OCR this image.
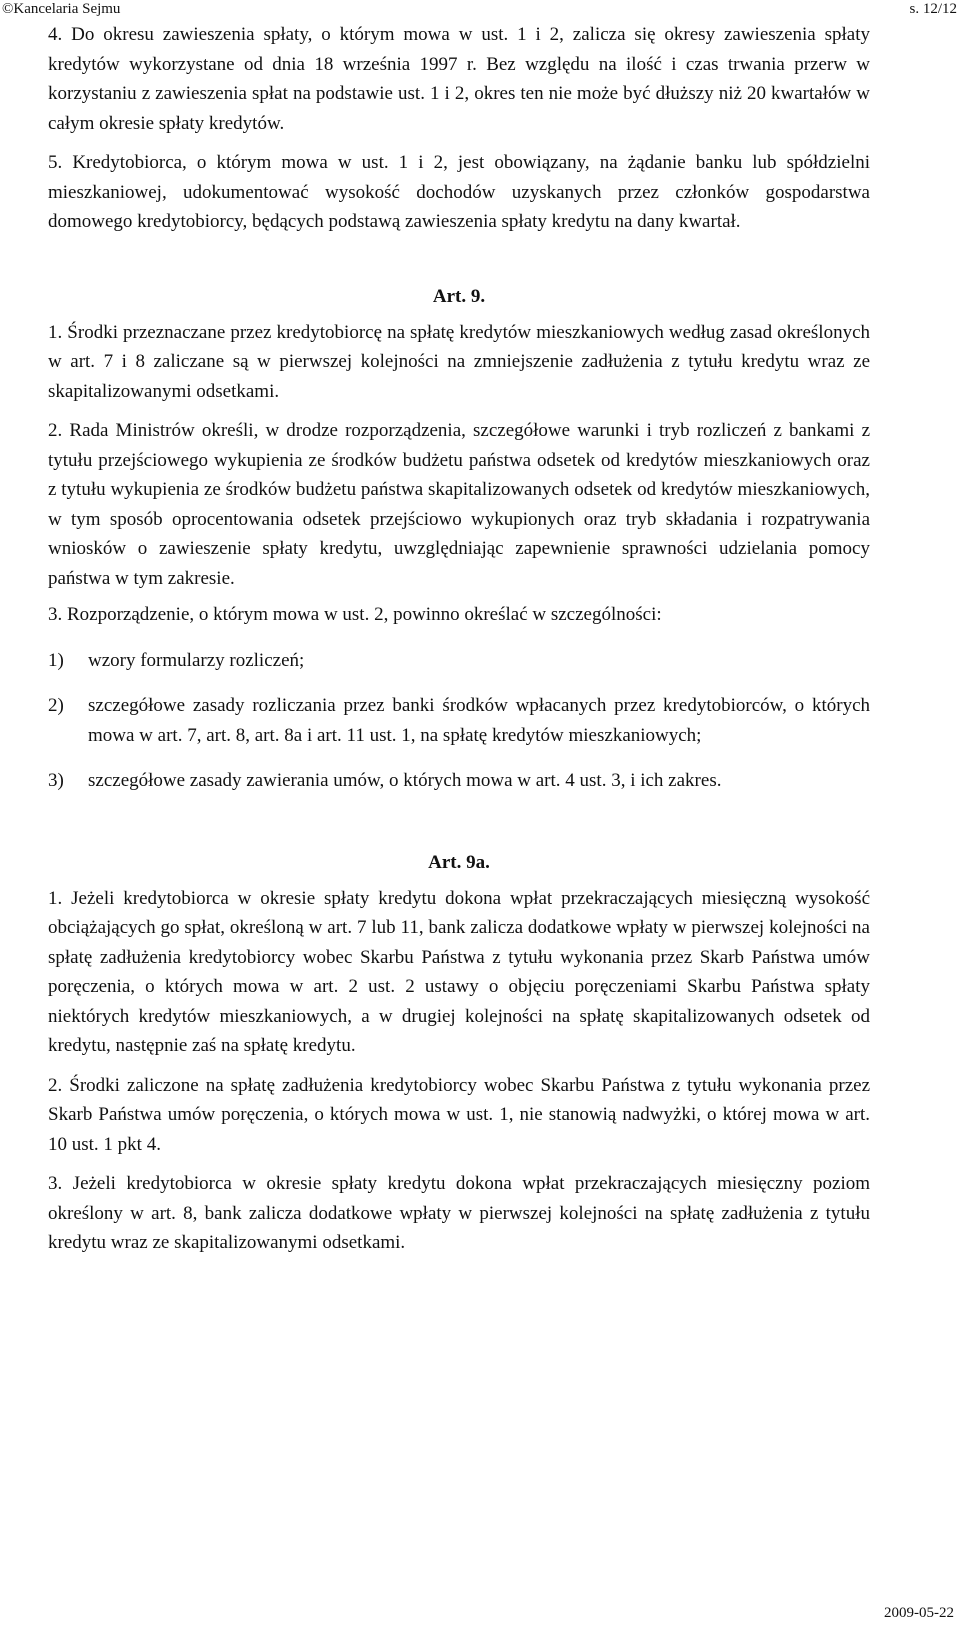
©Kancelaria Sejmu	s. 12/12

4. Do okresu zawieszenia spłaty, o którym mowa w ust. 1 i 2, zalicza się okresy zawieszenia spłaty kredytów wykorzystane od dnia 18 września 1997 r. Bez względu na ilość i czas trwania przerw w korzystaniu z zawieszenia spłat na podstawie ust. 1 i 2, okres ten nie może być dłuższy niż 20 kwartałów w całym okresie spłaty kredytów.

5. Kredytobiorca, o którym mowa w ust. 1 i 2, jest obowiązany, na żądanie banku lub spółdzielni mieszkaniowej, udokumentować wysokość dochodów uzyskanych przez członków gospodarstwa domowego kredytobiorcy, będących podstawą zawieszenia spłaty kredytu na dany kwartał.

Art. 9.

1. Środki przeznaczane przez kredytobiorcę na spłatę kredytów mieszkaniowych według zasad określonych w art. 7 i 8 zaliczane są w pierwszej kolejności na zmniejszenie zadłużenia z tytułu kredytu wraz ze skapitalizowanymi odsetkami.

2. Rada Ministrów określi, w drodze rozporządzenia, szczegółowe warunki i tryb rozliczeń z bankami z tytułu przejściowego wykupienia ze środków budżetu państwa odsetek od kredytów mieszkaniowych oraz z tytułu wykupienia ze środków budżetu państwa skapitalizowanych odsetek od kredytów mieszkaniowych, w tym sposób oprocentowania odsetek przejściowo wykupionych oraz tryb składania i rozpatrywania wniosków o zawieszenie spłaty kredytu, uwzględniając zapewnienie sprawności udzielania pomocy państwa w tym zakresie.

3. Rozporządzenie, o którym mowa w ust. 2, powinno określać w szczególności:

1)	wzory formularzy rozliczeń;
2)	szczegółowe zasady rozliczania przez banki środków wpłacanych przez kredytobiorców, o których mowa w art. 7, art. 8, art. 8a i art. 11 ust. 1, na spłatę kredytów mieszkaniowych;
3)	szczegółowe zasady zawierania umów, o których mowa w art. 4 ust. 3, i ich zakres.

Art. 9a.

1. Jeżeli kredytobiorca w okresie spłaty kredytu dokona wpłat przekraczających miesięczną wysokość obciążających go spłat, określoną w art. 7 lub 11, bank zalicza dodatkowe wpłaty w pierwszej kolejności na spłatę zadłużenia kredytobiorcy wobec Skarbu Państwa z tytułu wykonania przez Skarb Państwa umów poręczenia, o których mowa w art. 2 ust. 2 ustawy o objęciu poręczeniami Skarbu Państwa spłaty niektórych kredytów mieszkaniowych, a w drugiej kolejności na spłatę skapitalizowanych odsetek od kredytu, następnie zaś na spłatę kredytu.

2. Środki zaliczone na spłatę zadłużenia kredytobiorcy wobec Skarbu Państwa z tytułu wykonania przez Skarb Państwa umów poręczenia, o których mowa w ust. 1, nie stanowią nadwyżki, o której mowa w art. 10 ust. 1 pkt 4.

3. Jeżeli kredytobiorca w okresie spłaty kredytu dokona wpłat przekraczających miesięczny poziom określony w art. 8, bank zalicza dodatkowe wpłaty w pierwszej kolejności na spłatę zadłużenia z tytułu kredytu wraz ze skapitalizowanymi odsetkami.

2009-05-22
